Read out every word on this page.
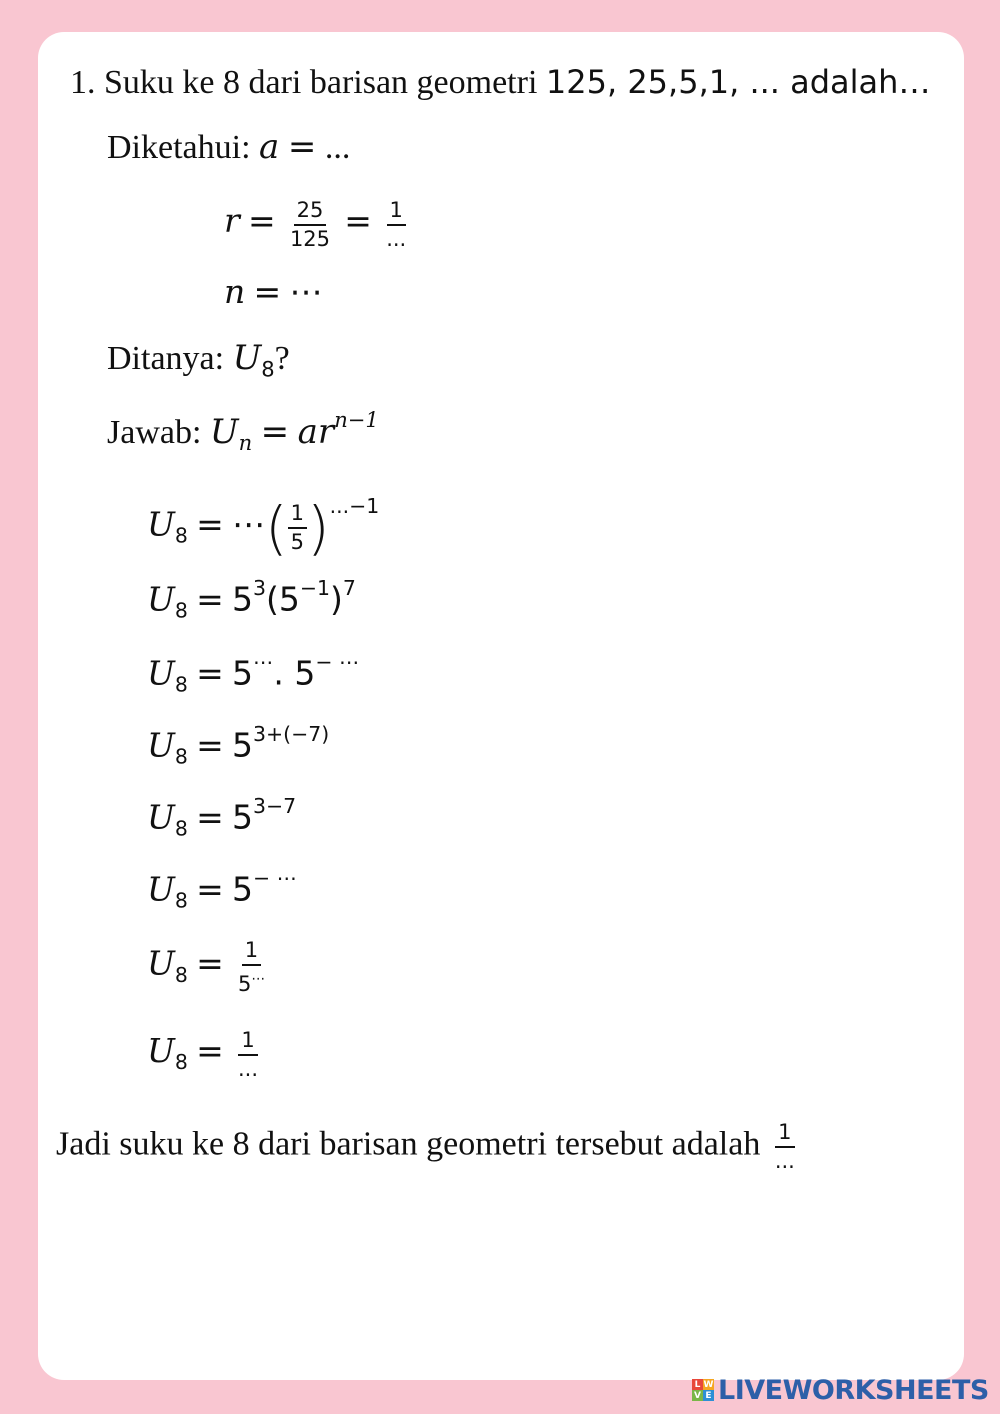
1. Suku ke 8 dari barisan geometri 125, 25,5,1, ... adalah…
Diketahui: a = ...
$r = \frac{25}{125} = \frac{1}{...}$
n = ⋯
Ditanya: $U_8$?
Jawab: $U_n = ar^{n-1}$
$U_8$ = ⋯( $\frac{1}{5} )^{...-1}$
$U_8 = 5^3(5^{-1})^7$
$U_8 = 5^\cdots$. 5− ⋯
$U_8 = 5^{3+(-7)}$
$U_8 = 5^{3-7}$
$U_8 = 5^{- \cdots}$
$U_8 = \frac{1}{5^\cdots}$
$U_8 = \frac{1}{...}$
Jadi suku ke 8 dari barisan geometri tersebut adalah $\frac{1}{...}$
L W
V E LIVEWORKSHEETS
